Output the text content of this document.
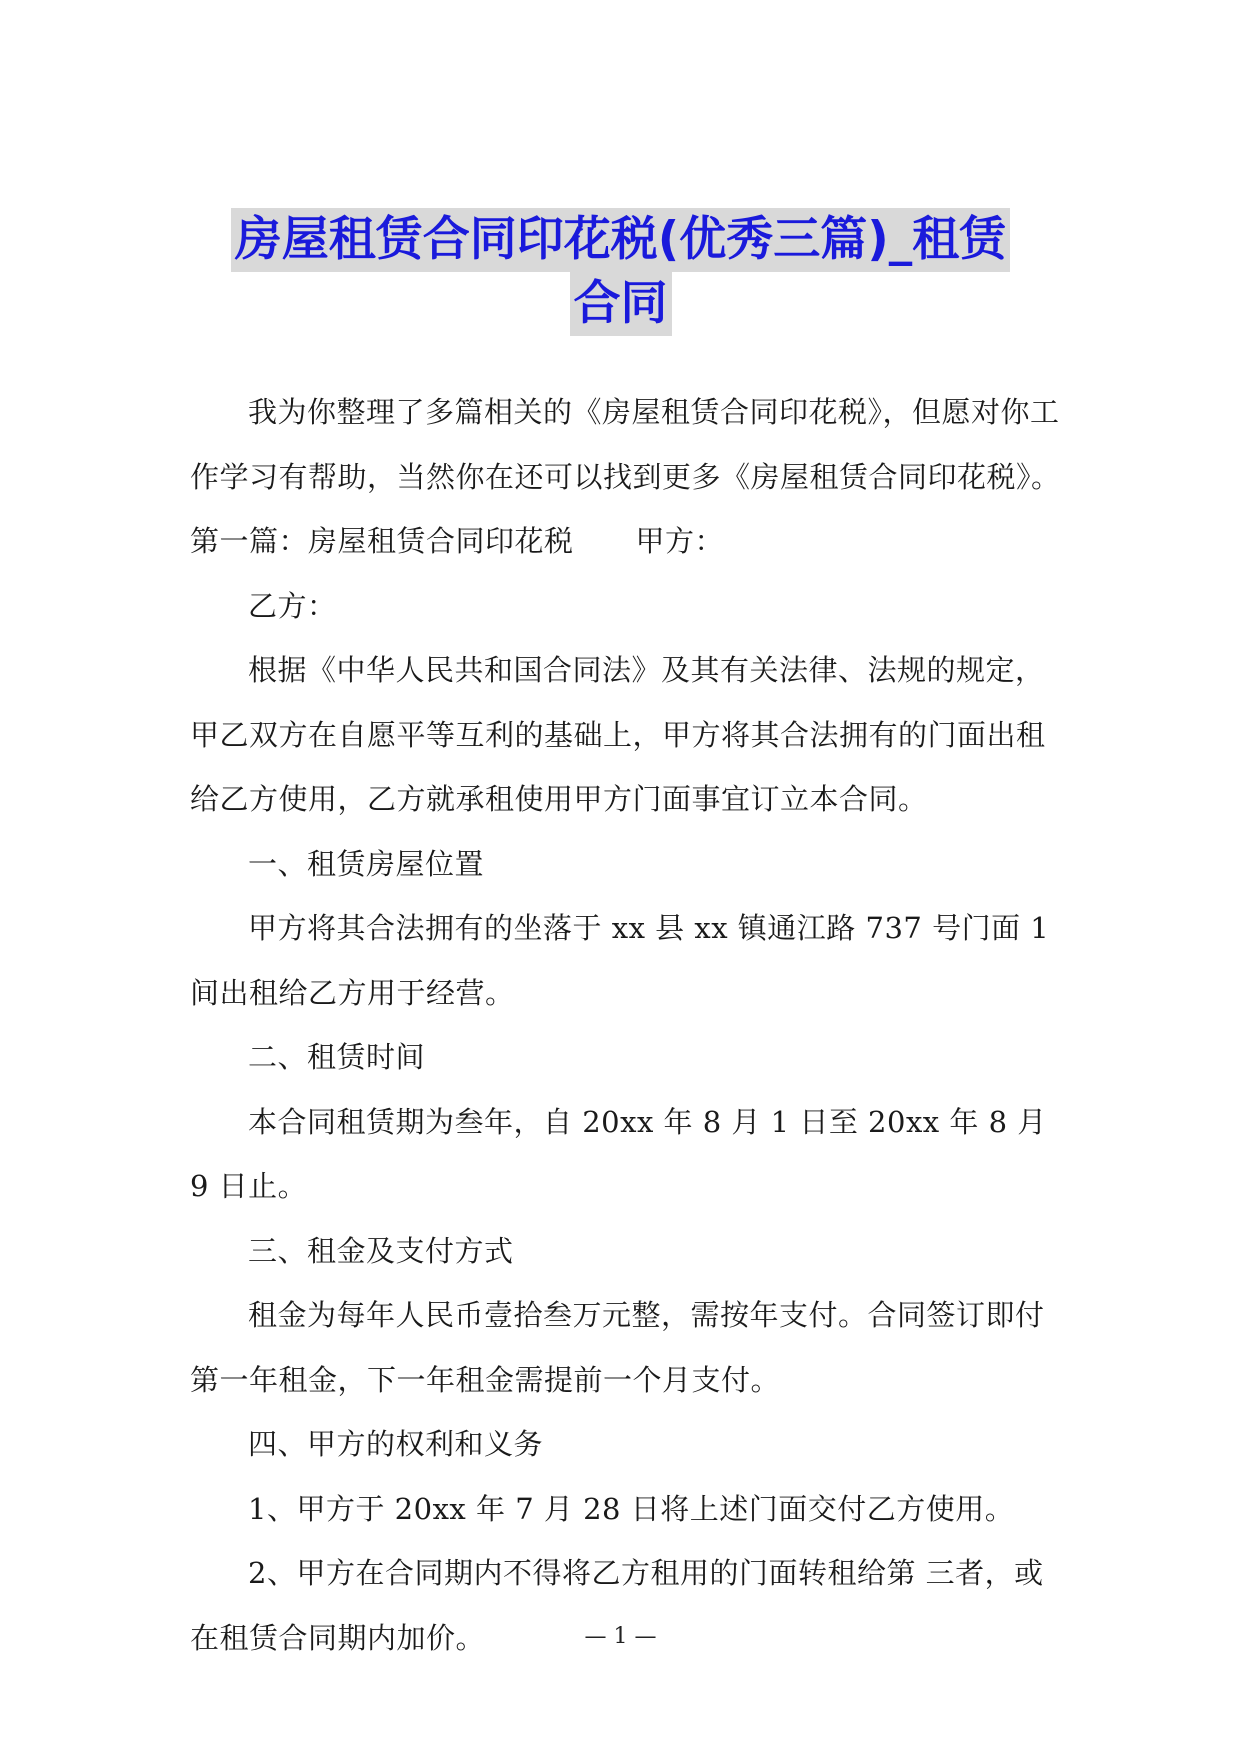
房屋租赁合同印花税(优秀三篇)_租赁
合同

我为你整理了多篇相关的《房屋租赁合同印花税》，但愿对你工作学习有帮助，当然你在还可以找到更多《房屋租赁合同印花税》。

第一篇：房屋租赁合同印花税 甲方：

乙方：

根据《中华人民共和国合同法》及其有关法律、法规的规定，甲乙双方在自愿平等互利的基础上，甲方将其合法拥有的门面出租给乙方使用，乙方就承租使用甲方门面事宜订立本合同。

一、租赁房屋位置

甲方将其合法拥有的坐落于 xx 县 xx 镇通江路 737 号门面 1 间出租给乙方用于经营。

二、租赁时间

本合同租赁期为叁年，自 20xx 年 8 月 1 日至 20xx 年 8 月 9 日止。

三、租金及支付方式

租金为每年人民币壹拾叁万元整，需按年支付。合同签订即付第一年租金，下一年租金需提前一个月支付。

四、甲方的权利和义务

1、甲方于 20xx 年 7 月 28 日将上述门面交付乙方使用。

2、甲方在合同期内不得将乙方租用的门面转租给第 三者，或在租赁合同期内加价。	— 1 —
